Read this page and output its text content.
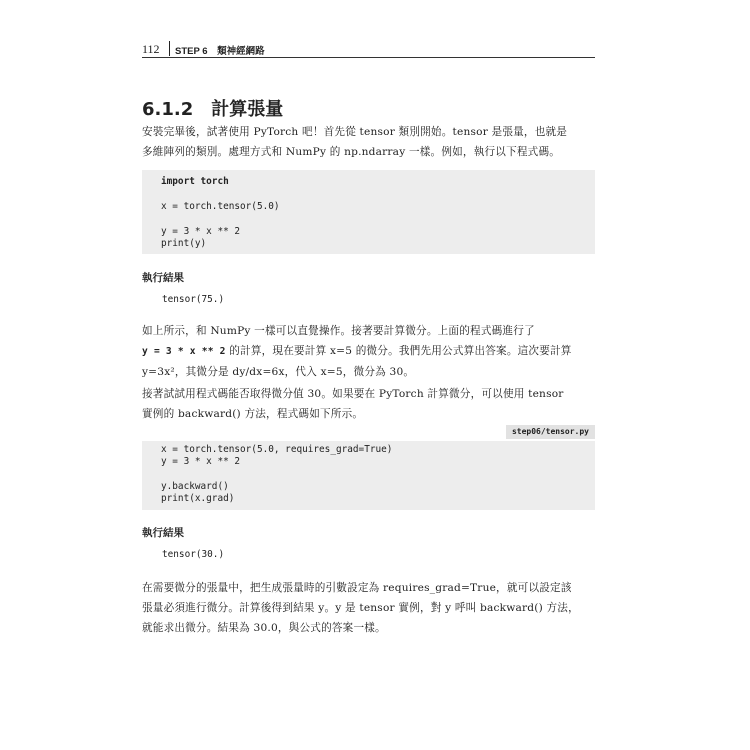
112 STEP 6　類神經網路
6.1.2　計算張量
安裝完畢後，試著使用 PyTorch 吧！首先從 tensor 類別開始。tensor 是張量，也就是
多維陣列的類別。處理方式和 NumPy 的 np.ndarray 一樣。例如，執行以下程式碼。
import torch
x = torch.tensor(5.0)
y = 3 * x ** 2
print(y)
執行結果
tensor(75.)
如上所示，和 NumPy 一樣可以直覺操作。接著要計算微分。上面的程式碼進行了
y = 3 * x ** 2 的計算，現在要計算 x=5 的微分。我們先用公式算出答案。這次要計算
y=3x²，其微分是 dy/dx=6x，代入 x=5，微分為 30。
接著試試用程式碼能否取得微分值 30。如果要在 PyTorch 計算微分，可以使用 tensor
實例的 backward() 方法，程式碼如下所示。
step06/tensor.py
x = torch.tensor(5.0, requires_grad=True)
y = 3 * x ** 2
y.backward()
print(x.grad)
執行結果
tensor(30.)
在需要微分的張量中，把生成張量時的引數設定為 requires_grad=True，就可以設定該
張量必須進行微分。計算後得到結果 y。y 是 tensor 實例，對 y 呼叫 backward() 方法，
就能求出微分。結果為 30.0，與公式的答案一樣。
